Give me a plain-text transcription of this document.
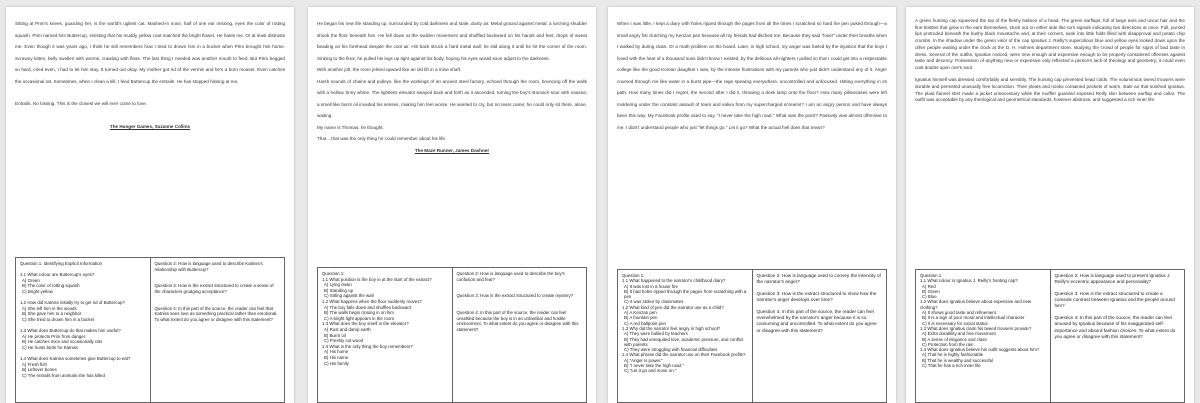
Sitting at Prim's knees, guarding her, is the world's ugliest cat. Mashed-in nose, half of one ear missing, eyes the color of rotting squash. Prim named him Buttercup, insisting that his muddy yellow coat matched the bright flower. He hates me. Or at least distrusts me. Even though it was years ago, I think he still remembers how I tried to drown him in a bucket when Prim brought him home. Scrawny kitten, belly swollen with worms, crawling with fleas. The last thing I needed was another mouth to feed. But Prim begged so hard, cried even, I had to let him stay. It turned out okay. My mother got rid of the vermin and he's a born mouser. Even catches the occasional rat. Sometimes, when I clean a kill, I feed Buttercup the entrails. He has stopped hissing at me.

Entrails. No hissing. This is the closest we will ever come to love.

The Hunger Games, Suzanne Collins

Question 1: Identifying Explicit Information

1.1 What colour are Buttercup's eyes?

A) Green

B) The color of rotting squash

C) Bright yellow

1.2 How did Katniss initially try to get rid of Buttercup?

A) She left him in the woods

B) She gave him to a neighbor

C) She tried to drown him in a bucket

1.3 What does Buttercup do that makes him useful?

A) He protects Prim from danger

B) He catches mice and occasionally rats

C) He hunts birds for Katniss

1.4 What does Katniss sometimes give Buttercup to eat?

A) Fresh fish

B) Leftover bones

C) The entrails from animals she has killed

Question 2: How is language used to describe Katniss's relationship with Buttercup?

Question 3: How is the extract structured to create a sense of the characters grudging acceptance?

Question 4: In this part of the source, the reader can feel that Katniss sees love as something practical rather than emotional. To what extent do you agree or disagree with this statement?

He began his new life standing up, surrounded by cold darkness and stale, dusty air. Metal ground against metal; a lurching shudder shook the floor beneath him. He fell down at the sudden movement and shuffled backward on his hands and feet, drops of sweat beading on his forehead despite the cool air. His back struck a hard metal wall; he slid along it until he hit the corner of the room. Sinking to the floor, he pulled his legs up tight against his body, hoping his eyes would soon adjust to the darkness.

With another jolt, the room jerked upward like an old lift in a mine shaft.

Harsh sounds of chains and pulleys, like the workings of an ancient steel factory, echoed through the room, bouncing off the walls with a hollow, tinny whine. The lightless elevator swayed back and forth as it ascended, turning the boy's stomach sour with nausea; a smell like burnt oil invaded his senses, making him feel worse. He wanted to cry, but no tears came; he could only sit there, alone, waiting.

My name is Thomas, he thought.

That... that was the only thing he could remember about his life.

The Maze Runner, James Dashner

Question 1:

1.1 What position is the boy in at the start of the extract?

A) Lying down

B) Standing up

C) Sitting against the wall

1.2 What happens when the floor suddenly moves?

A) The boy falls down and shuffles backward

B) The walls begin closing in on him

C) A bright light appears in the room

1.3 What does the boy smell in the elevator?

A) Rust and damp earth

B) Burnt oil

C) Freshly cut wood

1.4 What is the only thing the boy remembers?

A) His home

B) His name

C) His family

Question 2: How is language used to describe the boy's confusion and fear?

Question 3: How is the extract structured to create mystery?

Question 4: In this part of the source, the reader can feel unsettled because the boy is in an unfamiliar and hostile environment. To what extent do you agree or disagree with this statement?

When I was little, I kept a diary with holes ripped through the pages from all the times I scratched so hard the pen poked through—a small angry fist clutching my Kenzan pen because all my friends had ditched me. Because they said "loser" under their breaths when I walked by during class. Or a math problem on the board. Later, in high school, my anger was fueled by the injustice that the boys I loved with the heat of a thousand suns didn't know I existed, by the delirious all-nighters I pulled so that I could get into a respectable college like the good Korean daughter I was, by the intense frustrations with my parents who just didn't understand any of it. Anger coursed through me like water in a burst pipe—the rage spewing everywhere, uncontrolled and unfocused. Hitting everything in its path. How many times did I regret, the second after I did it, throwing a desk lamp onto the floor? How many pillowcases were left moldering under the constant assault of tears and saliva from my supercharged screams? I am an angry person and have always been this way. My Facebook profile used to say, "I never take the high road." What was the point? Passivity was almost offensive to me. I didn't understand people who just "let things go." Let it go? What the actual hell does that mean?

Question 1:

1.1 What happened to the narrator's childhood diary?

A) It was lost in a house fire

B) It had holes ripped through the pages from scratching with a pen

C) It was stolen by classmates

1.2 What kind of pen did the narrator use as a child?

A) A Kenzan pen

B) A fountain pen

C) A red ballpoint pen

1.3 Why did the narrator feel angry in high school?

A) They were bullied by teachers

B) They had unrequited love, academic pressure, and conflict with parents

C) They were struggling with financial difficulties

1.4 What phrase did the narrator use on their Facebook profile?

A) "Anger is power."

B) "I never take the high road."

C) "Let it go and move on."

Question 2: How is language used to convey the intensity of the narrator's anger?

Question 3: How is the extract structured to show how the narrator's anger develops over time?

Question 4: In this part of the source, the reader can feel overwhelmed by the narrator's anger because it is so consuming and uncontrolled. To what extent do you agree or disagree with this statement?

A green hunting cap squeezed the top of the fleshy balloon of a head. The green earflaps, full of large ears and uncut hair and the fine bristles that grew in the ears themselves, stuck out on either side like turn signals indicating two directions at once. Full, pursed lips protruded beneath the bushy black moustache and, at their corners, sank into little folds filled with disapproval and potato chip crumbs. In the shadow under the green visor of the cap Ignatius J. Reilly's supercilious blue and yellow eyes looked down upon the other people waiting under the clock at the D. H. Holmes department store, studying the crowd of people for signs of bad taste in dress. Several of the outfits, Ignatius noticed, were new enough and expensive enough to be properly considered offenses against taste and decency. Possession of anything new or expensive only reflected a person's lack of theology and geometry; it could even cast doubts upon one's soul.

Ignatius himself was dressed comfortably and sensibly. The hunting cap prevented head colds. The voluminous tweed trousers were durable and permitted unusually free locomotion. Their pleats and nooks contained pockets of warm, stale air that soothed Ignatius. The plaid flannel shirt made a jacket unnecessary while the muffler guarded exposed Reilly skin between earflap and collar. The outfit was acceptable by any theological and geometrical standards, however abstruse, and suggested a rich inner life.

Question 1:

1.1 What colour is Ignatius J. Reilly's hunting cap?

A) Red

B) Green

C) Blue

1.2 What does Ignatius believe about expensive and new clothing?

A) It shows good taste and refinement

B) It is a sign of poor moral and intellectual character

C) It is necessary for social status

1.3 What does Ignatius claim his tweed trousers provide?

A) Extra durability and free movement

B) A sense of elegance and class

C) Protection from the rain

1.4 What does Ignatius believe his outfit suggests about him?

A) That he is highly fashionable

B) That he is wealthy and successful

C) That he has a rich inner life

Question 2: How is language used to present Ignatius J. Reilly's eccentric appearance and personality?

Question 3: How is the extract structured to create a comedic contrast between Ignatius and the people around him?

Question 4: In this part of the source, the reader can feel amused by Ignatius because of his exaggerated self-importance and absurd fashion choices. To what extent do you agree or disagree with this statement?
